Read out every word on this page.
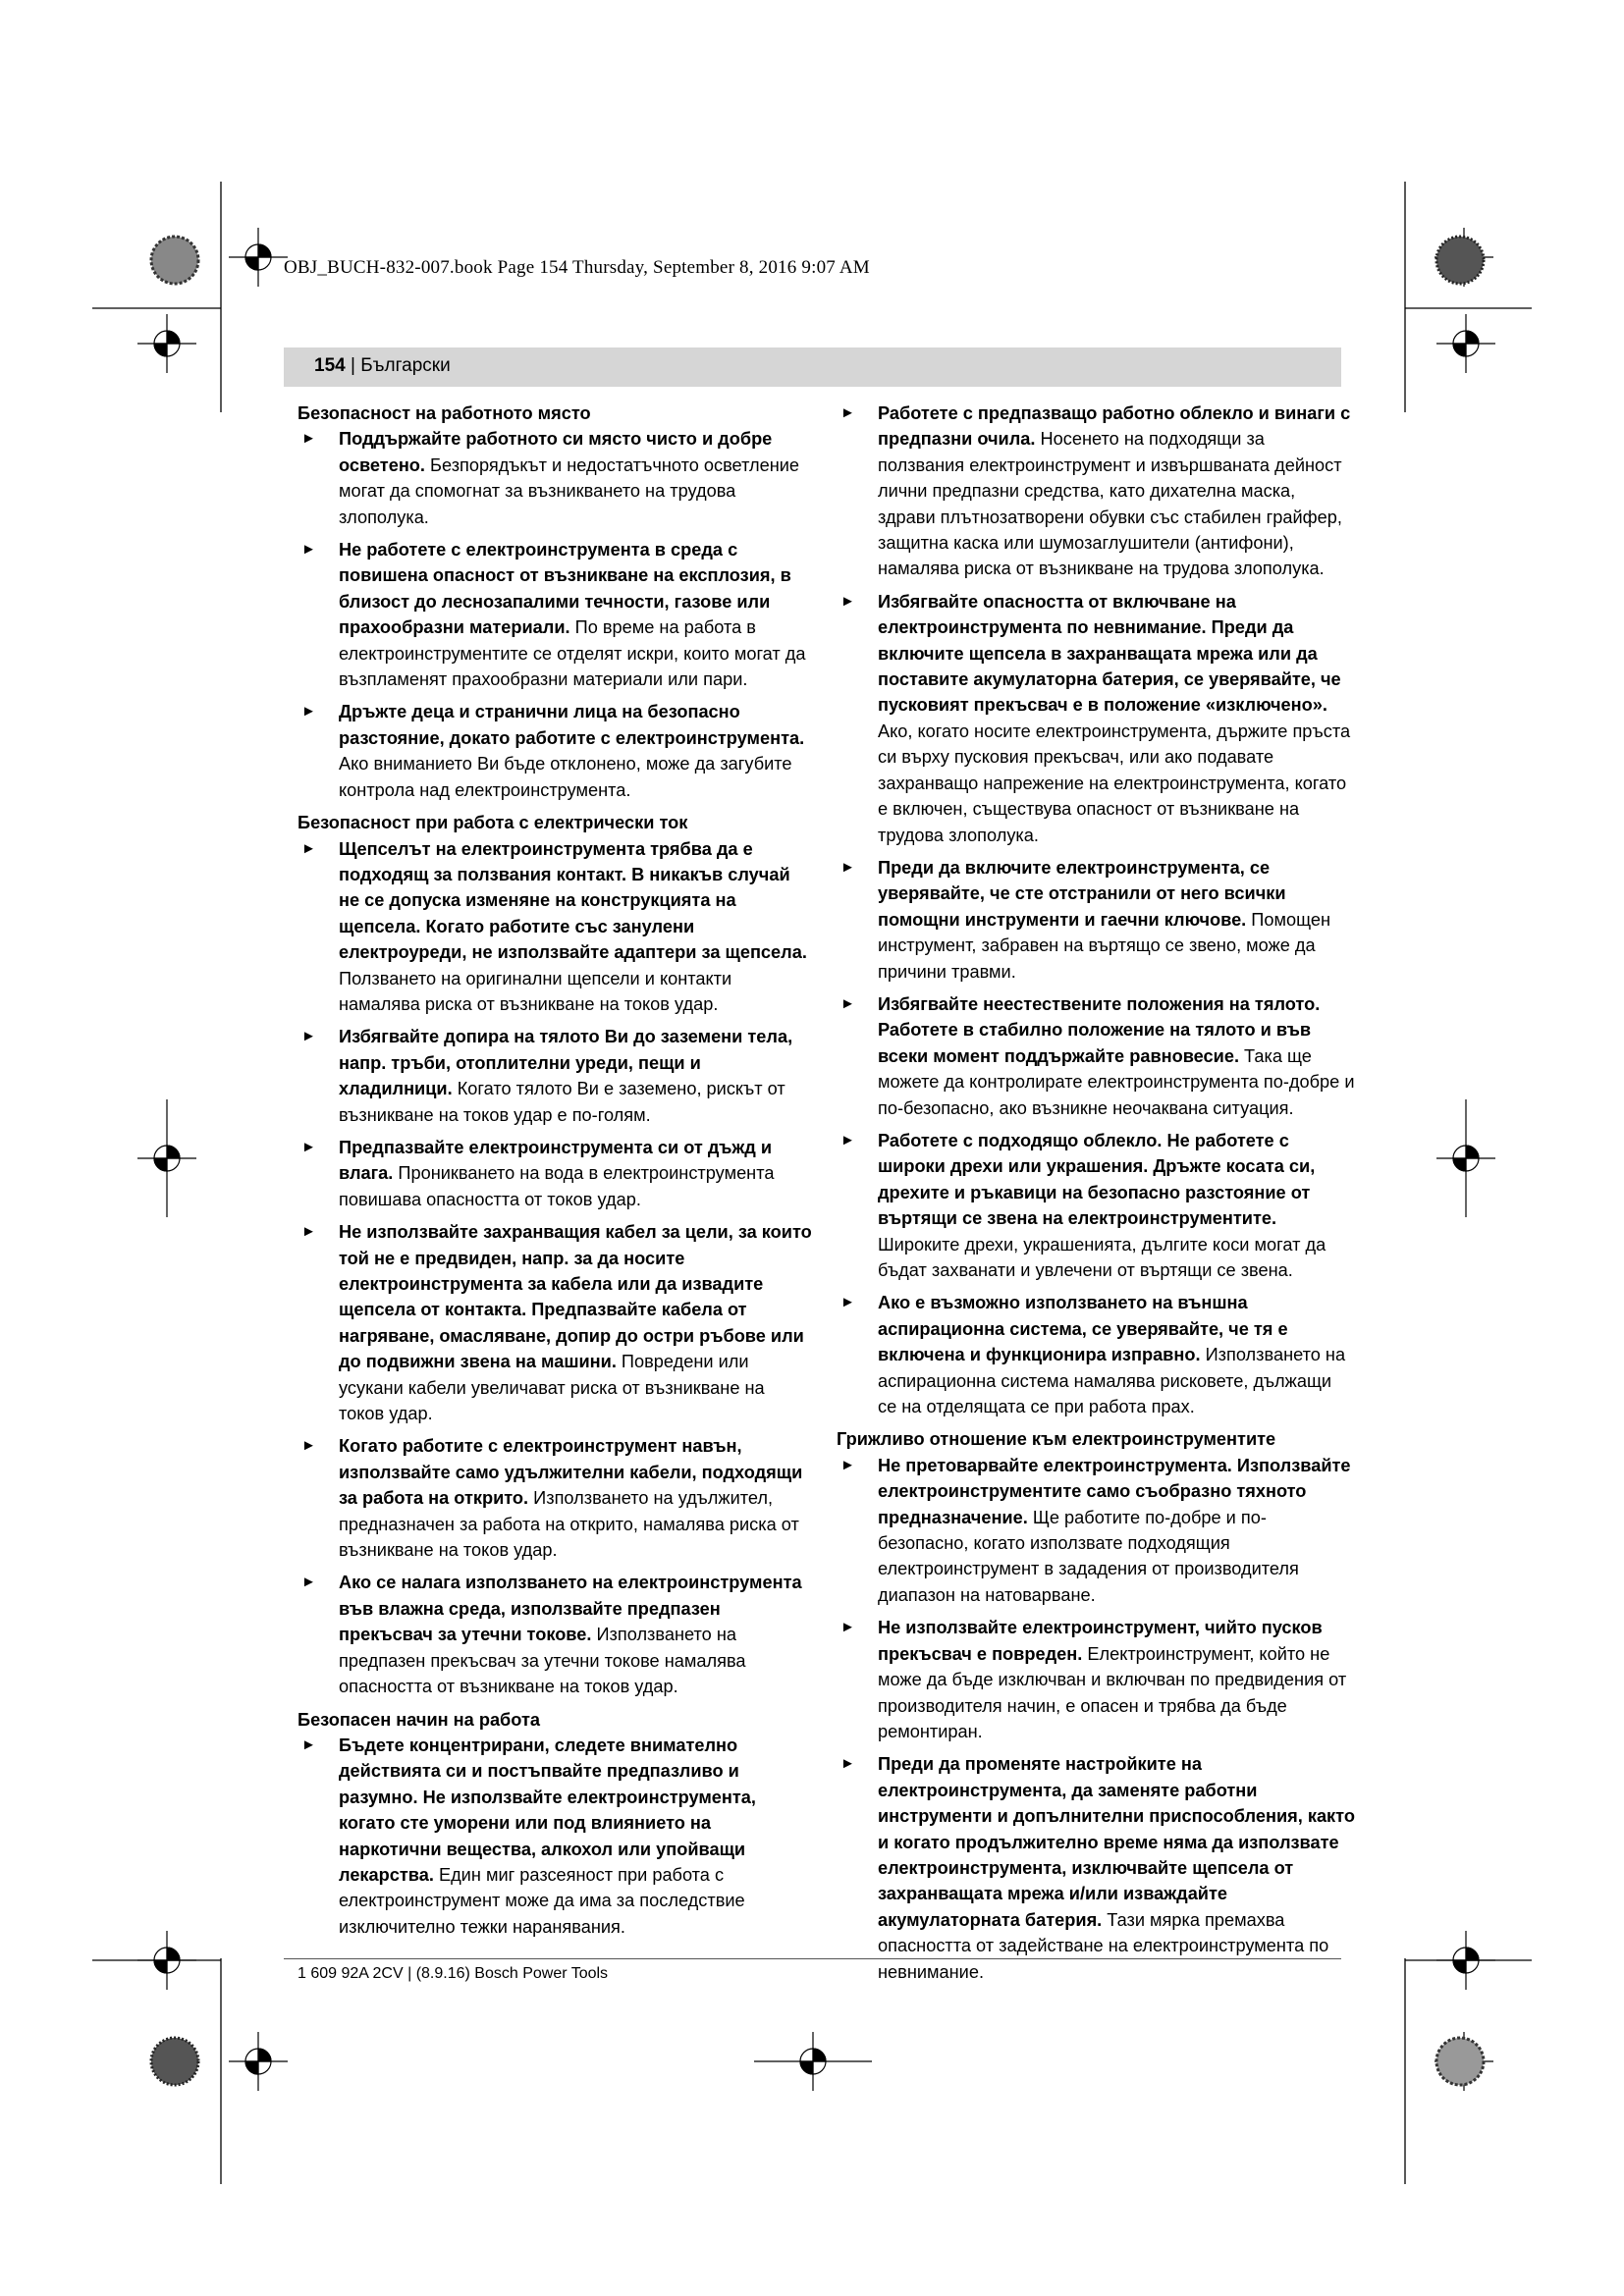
OBJ_BUCH-832-007.book Page 154 Thursday, September 8, 2016 9:07 AM
154 | Български
Безопасност на работното място
► Поддържайте работното си място чисто и добре осветено. Безпорядъкът и недостатъчното осветление могат да спомогнат за възникването на трудова злополука.
► Не работете с електроинструмента в среда с повишена опасност от възникване на експлозия, в близост до леснозапалими течности, газове или прахообразни материали. По време на работа в електроинструментите се отделят искри, които могат да възпламенят прахообразни материали или пари.
► Дръжте деца и странични лица на безопасно разстояние, докато работите с електроинструмента. Ако вниманието Ви бъде отклонено, може да загубите контрола над електроинструмента.
Безопасност при работа с електрически ток
► Щепселът на електроинструмента трябва да е подходящ за ползвания контакт. В никакъв случай не се допуска изменяне на конструкцията на щепсела. Когато работите със занулени електроуреди, не използвайте адаптери за щепсела. Ползването на оригинални щепсели и контакти намалява риска от възникване на токов удар.
► Избягвайте допира на тялото Ви до заземени тела, напр. тръби, отоплителни уреди, пещи и хладилници. Когато тялото Ви е заземено, рискът от възникване на токов удар е по-голям.
► Предпазвайте електроинструмента си от дъжд и влага. Проникването на вода в електроинструмента повишава опасността от токов удар.
► Не използвайте захранващия кабел за цели, за които той не е предвиден, напр. за да носите електроинструмента за кабела или да извадите щепсела от контакта. Предпазвайте кабела от нагряване, омасляване, допир до остри ръбове или до подвижни звена на машини. Повредени или усукани кабели увеличават риска от възникване на токов удар.
► Когато работите с електроинструмент навън, използвайте само удължителни кабели, подходящи за работа на открито. Използването на удължител, предназначен за работа на открито, намалява риска от възникване на токов удар.
► Ако се налага използването на електроинструмента във влажна среда, използвайте предпазен прекъсвач за утечни токове. Използването на предпазен прекъсвач за утечни токове намалява опасността от възникване на токов удар.
Безопасен начин на работа
► Бъдете концентрирани, следете внимателно действията си и постъпвайте предпазливо и разумно. Не използвайте електроинструмента, когато сте уморени или под влиянието на наркотични вещества, алкохол или упойващи лекарства. Един миг разсеяност при работа с електроинструмент може да има за последствие изключително тежки наранявания.
► Работете с предпазващо работно облекло и винаги с предпазни очила. Носенето на подходящи за ползвания електроинструмент и извършваната дейност лични предпазни средства, като дихателна маска, здрави плътнозатворени обувки със стабилен грайфер, защитна каска или шумозаглушители (антифони), намалява риска от възникване на трудова злополука.
► Избягвайте опасността от включване на електроинструмента по невнимание. Преди да включите щепсела в захранващата мрежа или да поставите акумулаторна батерия, се уверявайте, че пусковият прекъсвач е в положение «изключено». Ако, когато носите електроинструмента, държите пръста си върху пусковия прекъсвач, или ако подавате захранващо напрежение на електроинструмента, когато е включен, съществува опасност от възникване на трудова злополука.
► Преди да включите електроинструмента, се уверявайте, че сте отстранили от него всички помощни инструменти и гаечни ключове. Помощен инструмент, забравен на въртящо се звено, може да причини травми.
► Избягвайте неестествените положения на тялото. Работете в стабилно положение на тялото и във всеки момент поддържайте равновесие. Така ще можете да контролирате електроинструмента по-добре и по-безопасно, ако възникне неочаквана ситуация.
► Работете с подходящо облекло. Не работете с широки дрехи или украшения. Дръжте косата си, дрехите и ръкавици на безопасно разстояние от въртящи се звена на електроинструментите. Широките дрехи, украшенията, дългите коси могат да бъдат захванати и увлечени от въртящи се звена.
► Ако е възможно използването на външна аспирационна система, се уверявайте, че тя е включена и функционира изправно. Използването на аспирационна система намалява рисковете, дължащи се на отделящата се при работа прах.
Грижливо отношение към електроинструментите
► Не претоварвайте електроинструмента. Използвайте електроинструментите само съобразно тяхното предназначение. Ще работите по-добре и по-безопасно, когато използвате подходящия електроинструмент в зададения от производителя диапазон на натоварване.
► Не използвайте електроинструмент, чийто пусков прекъсвач е повреден. Електроинструмент, който не може да бъде изключван и включван по предвидения от производителя начин, е опасен и трябва да бъде ремонтиран.
► Преди да променяте настройките на електроинструмента, да заменяте работни инструменти и допълнителни приспособления, както и когато продължително време няма да използвате електроинструмента, изключвайте щепсела от захранващата мрежа и/или изваждайте акумулаторната батерия. Тази мярка премахва опасността от задействане на електроинструмента по невнимание.
1 609 92A 2CV | (8.9.16) Bosch Power Tools
